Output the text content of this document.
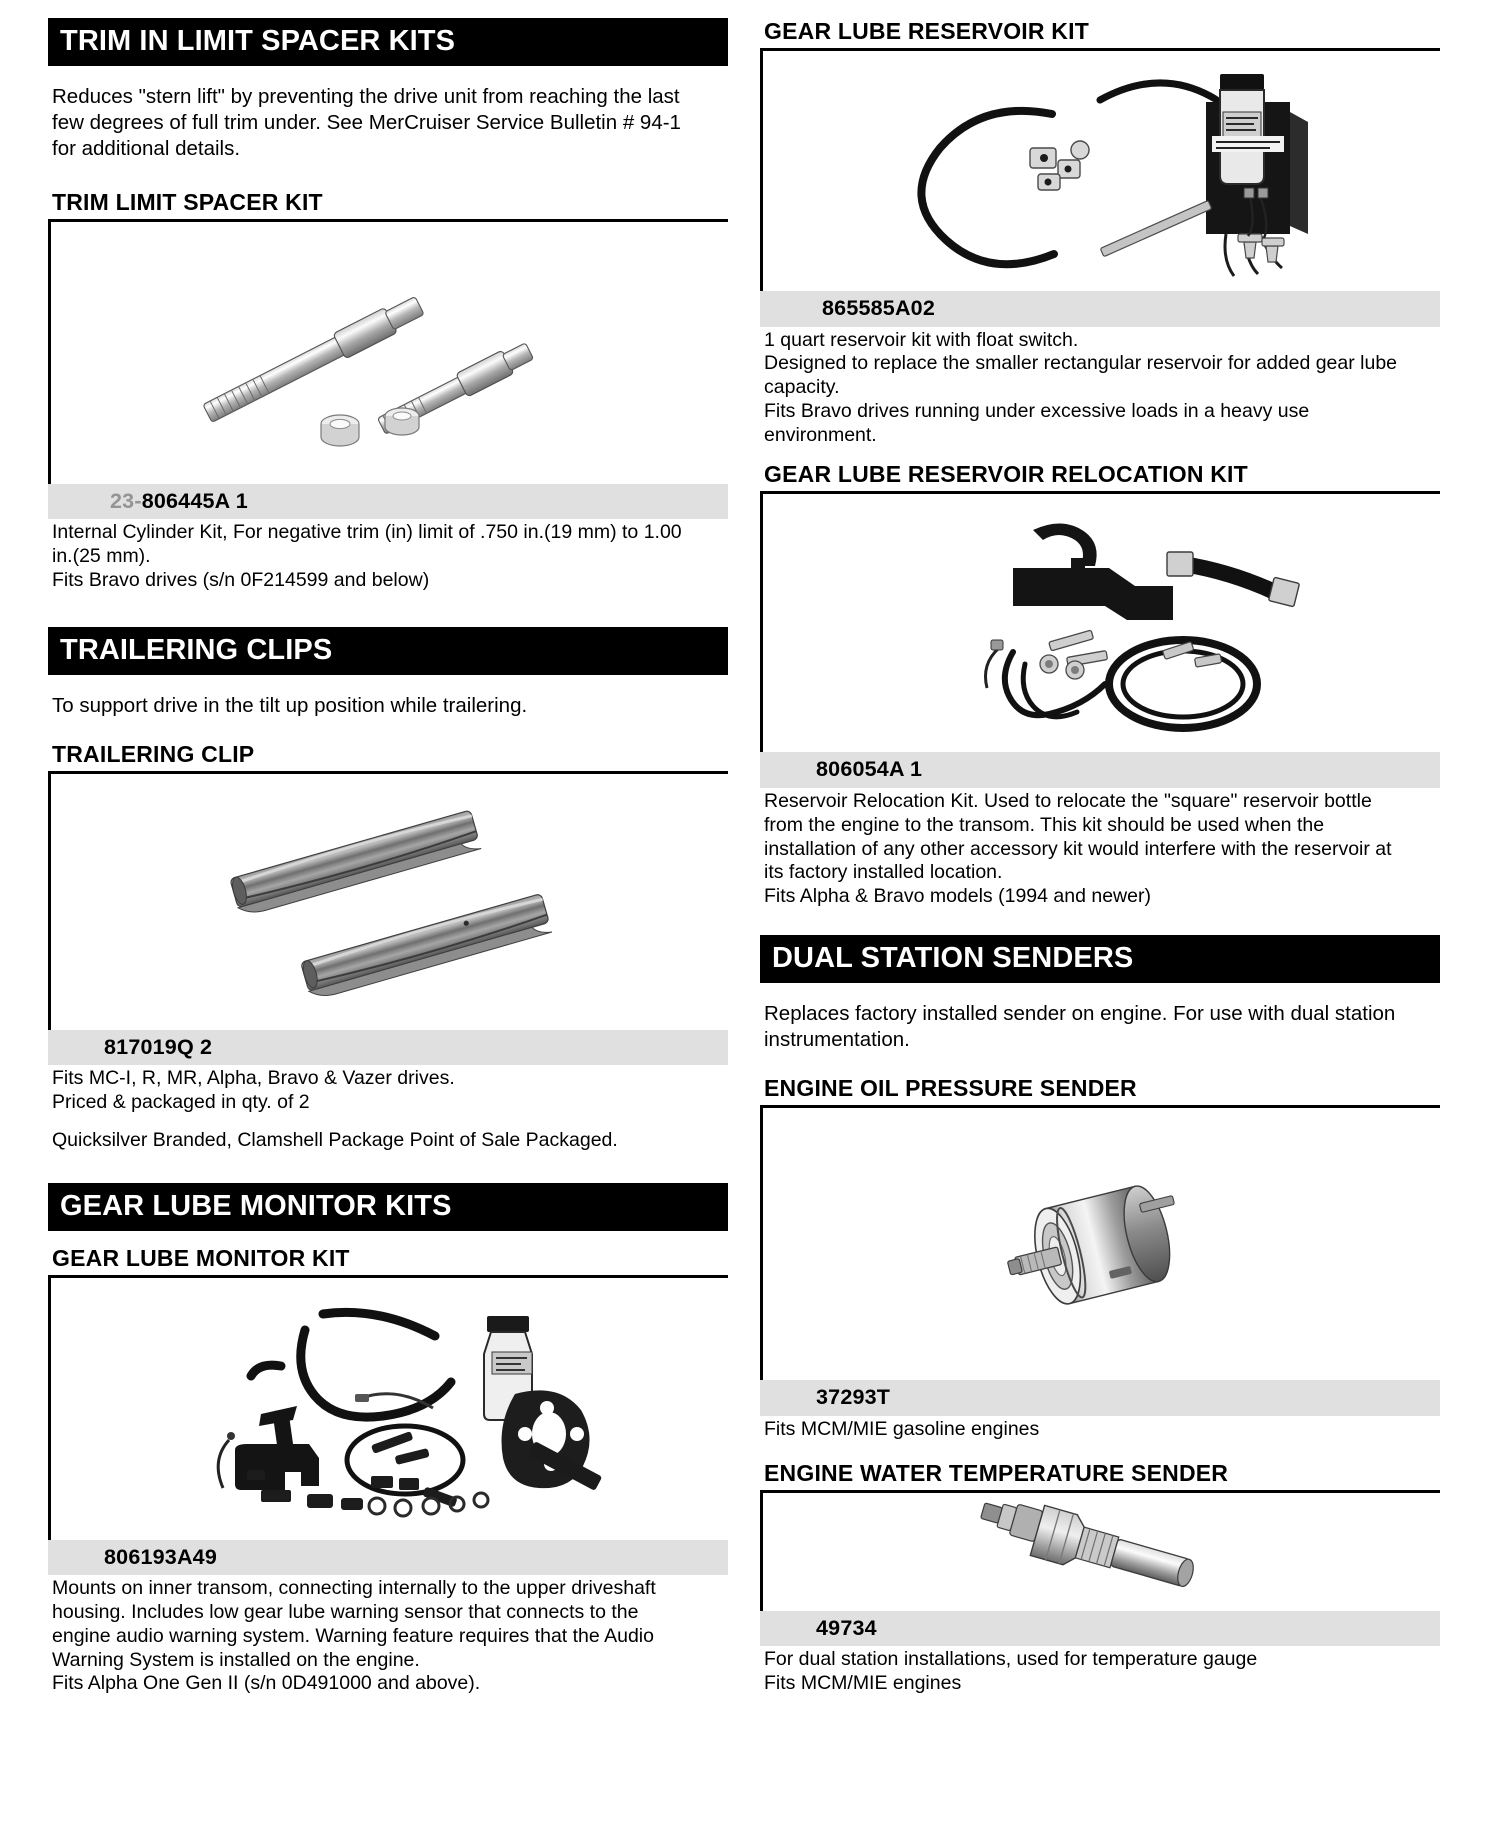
TRIM IN LIMIT SPACER KITS
Reduces "stern lift" by preventing the drive unit from reaching the last few degrees of full trim under. See MerCruiser Service Bulletin # 94-1 for additional details.
TRIM LIMIT SPACER KIT
23-806445A 1

Internal Cylinder Kit, For negative trim (in) limit of .750 in.(19 mm) to 1.00 in.(25 mm).

Fits Bravo drives (s/n 0F214599 and below)

TRAILERING CLIPS
To support drive in the tilt up position while trailering.
TRAILERING CLIP
817019Q 2

Fits MC-I, R, MR, Alpha, Bravo & Vazer drives.

Priced & packaged in qty. of 2

Quicksilver Branded, Clamshell Package Point of Sale Packaged.

GEAR LUBE MONITOR KITS
GEAR LUBE MONITOR KIT
806193A49

Mounts on inner transom, connecting internally to the upper driveshaft housing. Includes low gear lube warning sensor that connects to the engine audio warning system. Warning feature requires that the Audio Warning System is installed on the engine.

Fits Alpha One Gen II (s/n 0D491000 and above).

GEAR LUBE RESERVOIR KIT
865585A02

1 quart reservoir kit with float switch.

Designed to replace the smaller rectangular reservoir for added gear lube capacity.

Fits Bravo drives running under excessive loads in a heavy use environment.

GEAR LUBE RESERVOIR RELOCATION KIT
806054A 1

Reservoir Relocation Kit. Used to relocate the "square" reservoir bottle from the engine to the transom. This kit should be used when the installation of any other accessory kit would interfere with the reservoir at its factory installed location.

Fits Alpha & Bravo models (1994 and newer)

DUAL STATION SENDERS
Replaces factory installed sender on engine. For use with dual station instrumentation.
ENGINE OIL PRESSURE SENDER
37293T

Fits MCM/MIE gasoline engines

ENGINE WATER TEMPERATURE SENDER
49734

For dual station installations, used for temperature gauge

Fits MCM/MIE engines
